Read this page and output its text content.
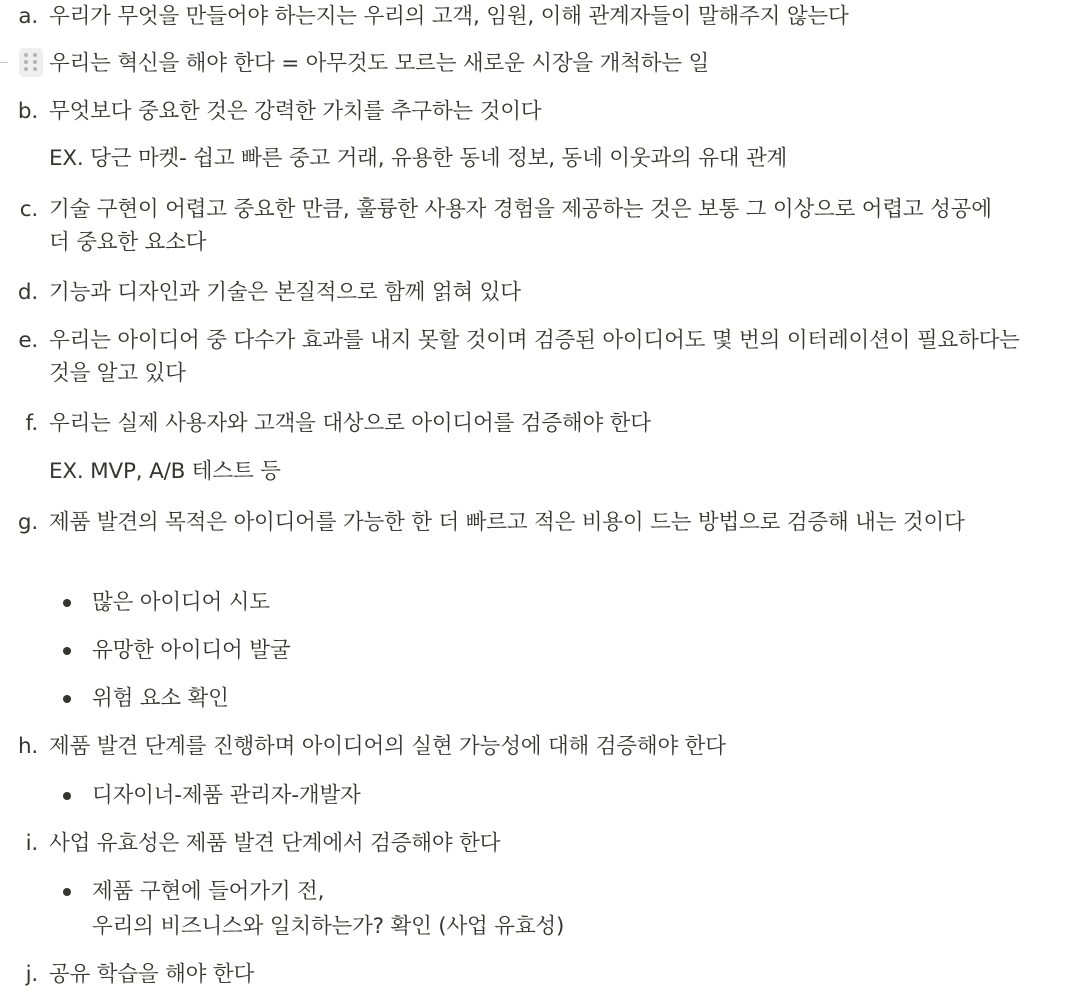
a. 우리가 무엇을 만들어야 하는지는 우리의 고객, 임원, 이해 관계자들이 말해주지 않는다
우리는 혁신을 해야 한다 = 아무것도 모르는 새로운 시장을 개척하는 일
b. 무엇보다 중요한 것은 강력한 가치를 추구하는 것이다
EX. 당근 마켓- 쉽고 빠른 중고 거래, 유용한 동네 정보, 동네 이웃과의 유대 관계
c. 기술 구현이 어렵고 중요한 만큼, 훌륭한 사용자 경험을 제공하는 것은 보통 그 이상으로 어렵고 성공에 더 중요한 요소다
d. 기능과 디자인과 기술은 본질적으로 함께 얽혀 있다
e. 우리는 아이디어 중 다수가 효과를 내지 못할 것이며 검증된 아이디어도 몇 번의 이터레이션이 필요하다는 것을 알고 있다
f. 우리는 실제 사용자와 고객을 대상으로 아이디어를 검증해야 한다
EX. MVP, A/B 테스트 등
g. 제품 발견의 목적은 아이디어를 가능한 한 더 빠르고 적은 비용이 드는 방법으로 검증해 내는 것이다
많은 아이디어 시도
유망한 아이디어 발굴
위험 요소 확인
h. 제품 발견 단계를 진행하며 아이디어의 실현 가능성에 대해 검증해야 한다
디자이너-제품 관리자-개발자
i. 사업 유효성은 제품 발견 단계에서 검증해야 한다
제품 구현에 들어가기 전,
우리의 비즈니스와 일치하는가? 확인 (사업 유효성)
j. 공유 학습을 해야 한다
